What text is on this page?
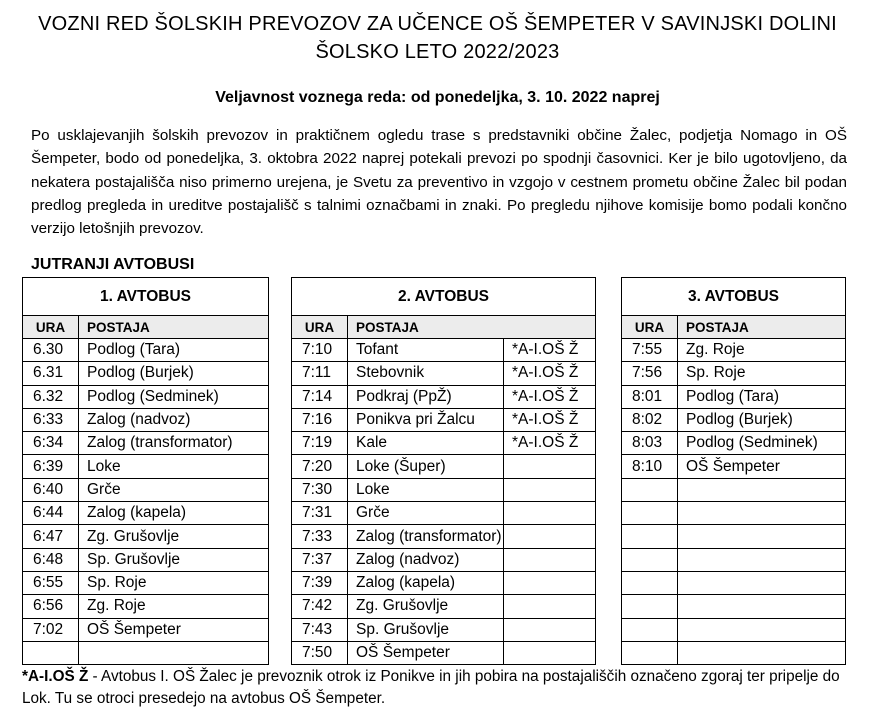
VOZNI RED ŠOLSKIH PREVOZOV ZA UČENCE OŠ ŠEMPETER V SAVINJSKI DOLINI
ŠOLSKO LETO 2022/2023
Veljavnost voznega reda: od ponedeljka, 3. 10. 2022 naprej
Po usklajevanjih šolskih prevozov in praktičnem ogledu trase s predstavniki občine Žalec, podjetja Nomago in OŠ Šempeter, bodo od ponedeljka, 3. oktobra 2022 naprej potekali prevozi po spodnji časovnici. Ker je bilo ugotovljeno, da nekatera postajališča niso primerno urejena, je Svetu za preventivo in vzgojo v cestnem prometu občine Žalec bil podan predlog pregleda in ureditve postajališč s talnimi označbami in znaki. Po pregledu njihove komisije bomo podali končno verzijo letošnjih prevozov.
JUTRANJI AVTOBUSI
1. AVTOBUS	
URA	POSTAJA
6.30	Podlog (Tara)
6.31	Podlog (Burjek)
6.32	Podlog (Sedminek)
6:33	Zalog (nadvoz)
6:34	Zalog (transformator)
6:39	Loke
6:40	Grče
6:44	Zalog (kapela)
6:47	Zg. Grušovlje
6:48	Sp. Grušovlje
6:55	Sp. Roje
6:56	Zg. Roje
7:02	OŠ Šempeter

2. AVTOBUS		
URA	POSTAJA	
7:10	Tofant	*A-I.OŠ Ž
7:11	Stebovnik	*A-I.OŠ Ž
7:14	Podkraj (PpŽ)	*A-I.OŠ Ž
7:16	Ponikva pri Žalcu	*A-I.OŠ Ž
7:19	Kale	*A-I.OŠ Ž
7:20	Loke (Šuper)	
7:30	Loke	
7:31	Grče	
7:33	Zalog (transformator)	
7:37	Zalog (nadvoz)	
7:39	Zalog (kapela)	
7:42	Zg. Grušovlje	
7:43	Sp. Grušovlje	
7:50	OŠ Šempeter	
3. AVTOBUS	
URA	POSTAJA
7:55	Zg. Roje
7:56	Sp. Roje
8:01	Podlog (Tara)
8:02	Podlog (Burjek)
8:03	Podlog (Sedminek)
8:10	OŠ Šempeter

*A-I.OŠ Ž - Avtobus I. OŠ Žalec je prevoznik otrok iz Ponikve in jih pobira na postajališčih označeno zgoraj ter pripelje do Lok. Tu se otroci presedejo na avtobus OŠ Šempeter.
